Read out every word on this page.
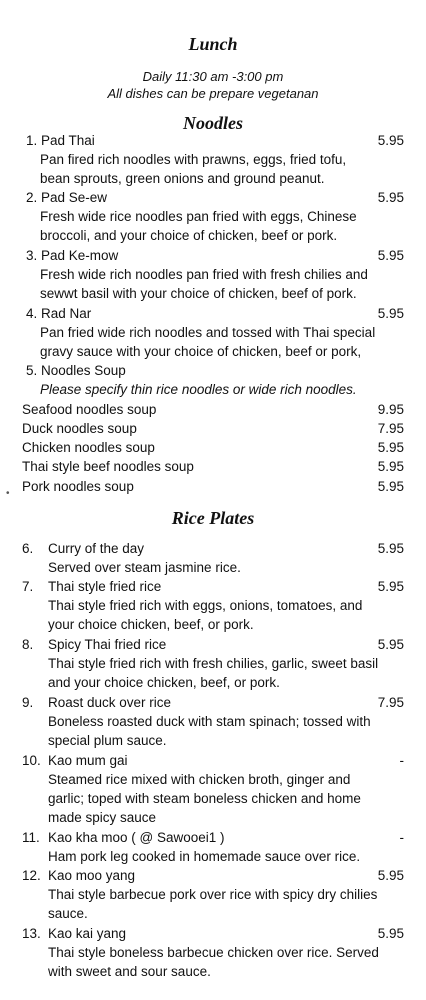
Lunch
Daily 11:30 am -3:00 pm
All dishes can be prepare vegetanan
Noodles
1. Pad Thai	5.95
Pan fired rich noodles with prawns, eggs, fried tofu,
bean sprouts, green onions and ground peanut.
2. Pad Se-ew	5.95
Fresh wide rice noodles pan fried with eggs, Chinese
broccoli, and your choice of chicken, beef or pork.
3. Pad Ke-mow	5.95
Fresh wide rich noodles pan fried with fresh chilies and
sewwt basil with your choice of chicken, beef of pork.
4. Rad Nar	5.95
Pan fried wide rich noodles and tossed with Thai special
gravy sauce with your choice of chicken, beef or pork,
5. Noodles Soup
Please specify thin rice noodles or wide rich noodles.
Seafood noodles soup	9.95
Duck noodles soup	7.95
Chicken noodles soup	5.95
Thai style beef noodles soup	5.95
Pork noodles soup	5.95
Rice Plates
6. Curry of the day	5.95
Served over steam jasmine rice.
7. Thai style fried rice	5.95
Thai style fried rich with eggs, onions, tomatoes, and
your choice chicken, beef, or pork.
8. Spicy Thai fried rice	5.95
Thai style fried rich with fresh chilies, garlic, sweet basil
and your choice chicken, beef, or pork.
9. Roast duck over rice	7.95
Boneless roasted duck with stam spinach; tossed with
special plum sauce.
10. Kao mum gai	-
Steamed rice mixed with chicken broth, ginger and
garlic; toped with steam boneless chicken and home
made spicy sauce
11. Kao kha moo ( @ Sawooei1 )	-
Ham pork leg cooked in homemade sauce over rice.
12. Kao moo yang	5.95
Thai style barbecue pork over rice with spicy dry chilies
sauce.
13. Kao kai yang	5.95
Thai style boneless barbecue chicken over rice. Served
with sweet and sour sauce.
•
